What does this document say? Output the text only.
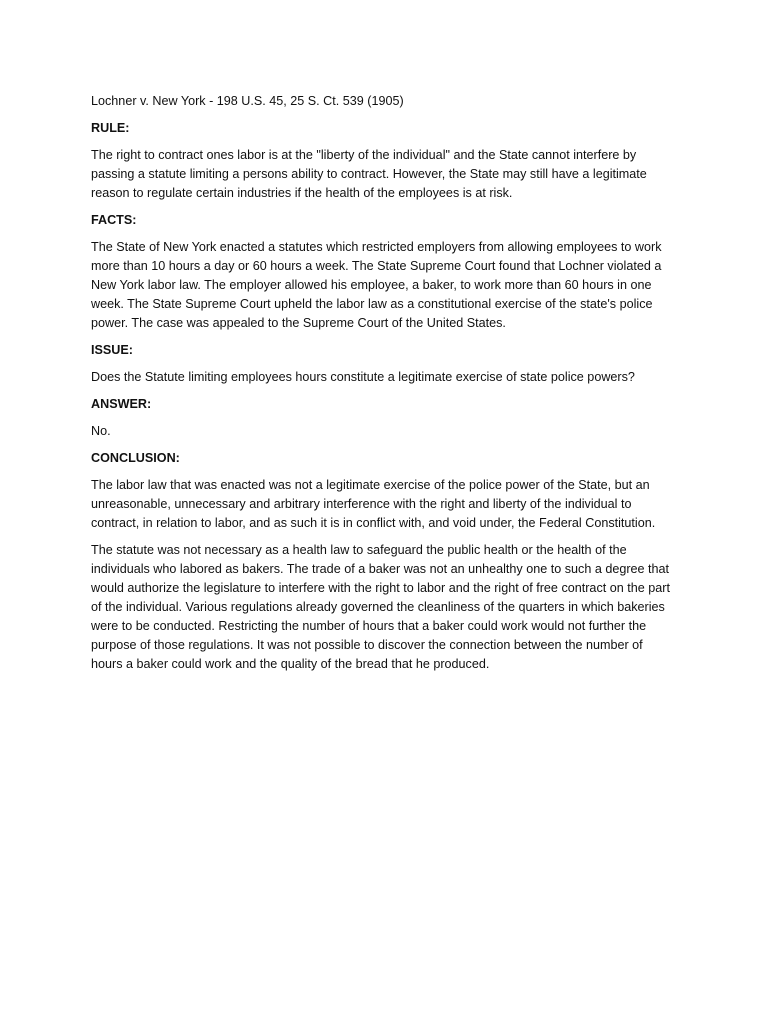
Lochner v. New York - 198 U.S. 45, 25 S. Ct. 539 (1905)

RULE:

The right to contract ones labor is at the "liberty of the individual" and the State cannot interfere by passing a statute limiting a persons ability to contract. However, the State may still have a legitimate reason to regulate certain industries if the health of the employees is at risk.

FACTS:

The State of New York enacted a statutes which restricted employers from allowing employees to work more than 10 hours a day or 60 hours a week. The State Supreme Court found that Lochner violated a New York labor law. The employer allowed his employee, a baker, to work more than 60 hours in one week. The State Supreme Court upheld the labor law as a constitutional exercise of the state's police power. The case was appealed to the Supreme Court of the United States.

ISSUE:

Does the Statute limiting employees hours constitute a legitimate exercise of state police powers?

ANSWER:

No.

CONCLUSION:

The labor law that was enacted was not a legitimate exercise of the police power of the State, but an unreasonable, unnecessary and arbitrary interference with the right and liberty of the individual to contract, in relation to labor, and as such it is in conflict with, and void under, the Federal Constitution.

The statute was not necessary as a health law to safeguard the public health or the health of the individuals who labored as bakers. The trade of a baker was not an unhealthy one to such a degree that would authorize the legislature to interfere with the right to labor and the right of free contract on the part of the individual. Various regulations already governed the cleanliness of the quarters in which bakeries were to be conducted. Restricting the number of hours that a baker could work would not further the purpose of those regulations. It was not possible to discover the connection between the number of hours a baker could work and the quality of the bread that he produced.
